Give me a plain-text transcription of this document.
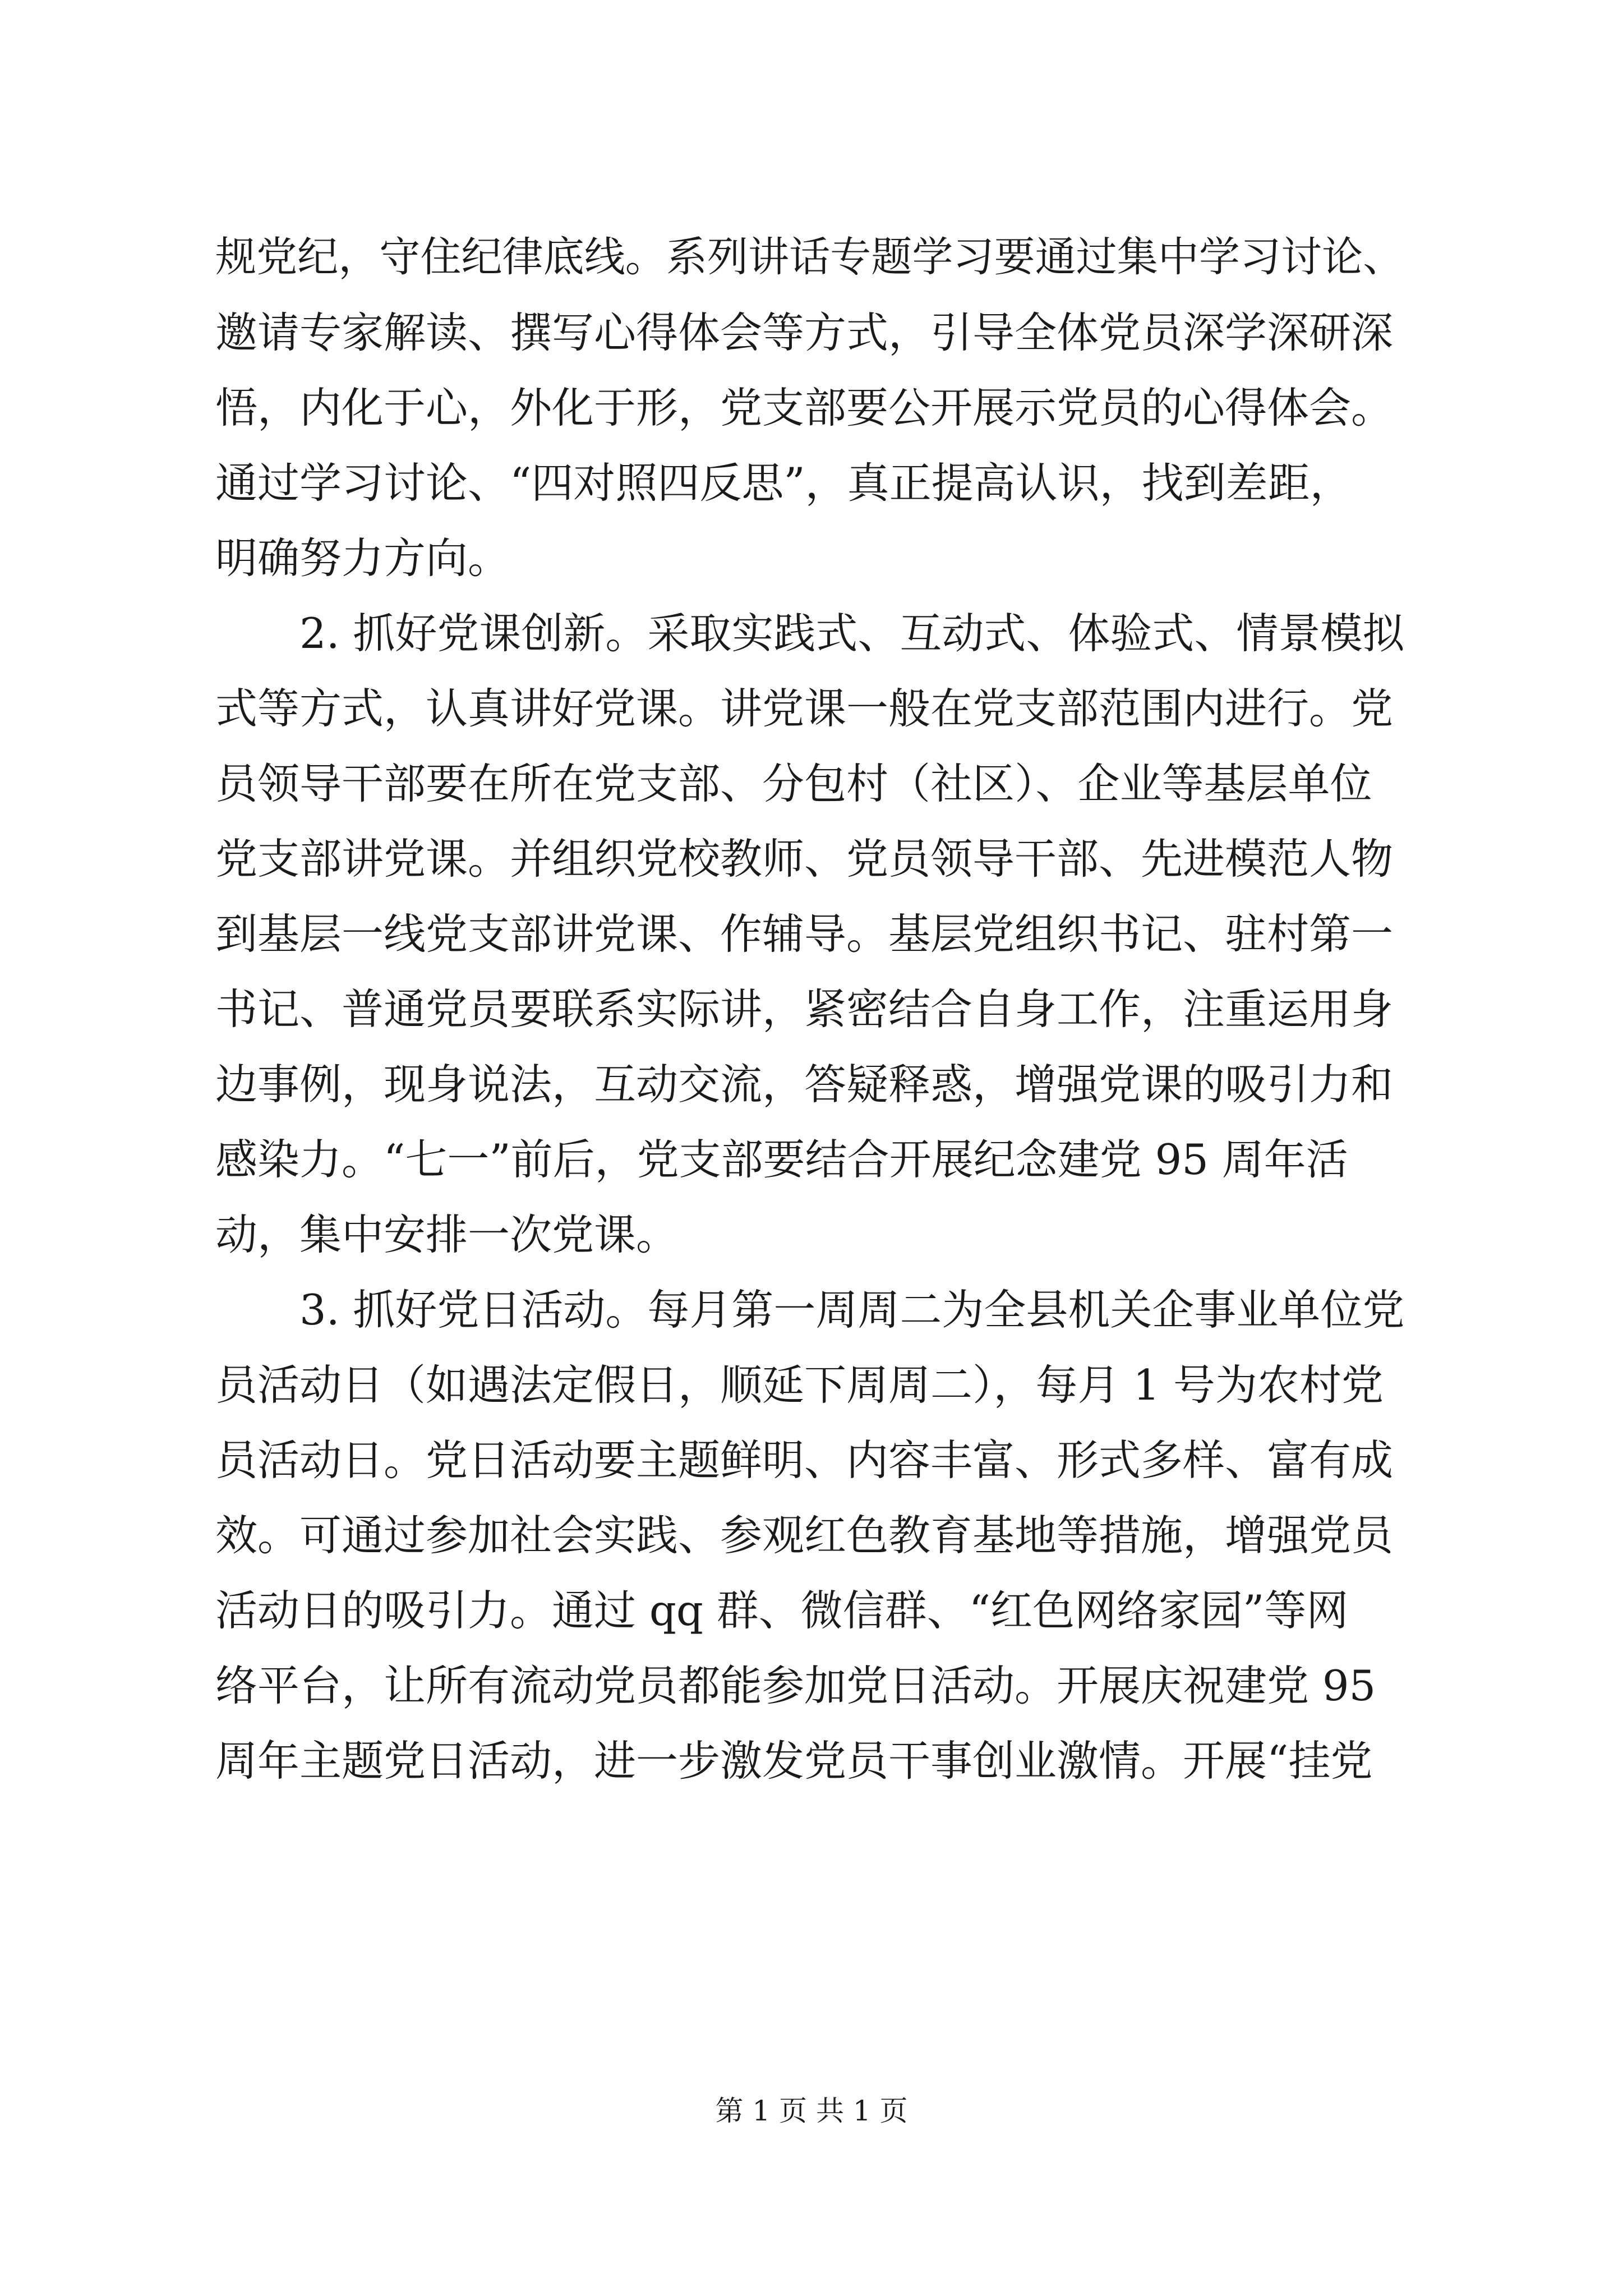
规党纪，守住纪律底线。系列讲话专题学习要通过集中学习讨论、
邀请专家解读、撰写心得体会等方式，引导全体党员深学深研深
悟，内化于心，外化于形，党支部要公开展示党员的心得体会。
通过学习讨论、“四对照四反思”，真正提高认识，找到差距，
明确努力方向。
　　2. 抓好党课创新。采取实践式、互动式、体验式、情景模拟
式等方式，认真讲好党课。讲党课一般在党支部范围内进行。党
员领导干部要在所在党支部、分包村（社区）、企业等基层单位
党支部讲党课。并组织党校教师、党员领导干部、先进模范人物
到基层一线党支部讲党课、作辅导。基层党组织书记、驻村第一
书记、普通党员要联系实际讲，紧密结合自身工作，注重运用身
边事例，现身说法，互动交流，答疑释惑，增强党课的吸引力和
感染力。“七一”前后，党支部要结合开展纪念建党 95 周年活
动，集中安排一次党课。
　　3. 抓好党日活动。每月第一周周二为全县机关企事业单位党
员活动日（如遇法定假日，顺延下周周二），每月 1 号为农村党
员活动日。党日活动要主题鲜明、内容丰富、形式多样、富有成
效。可通过参加社会实践、参观红色教育基地等措施，增强党员
活动日的吸引力。通过 qq 群、微信群、“红色网络家园”等网
络平台，让所有流动党员都能参加党日活动。开展庆祝建党 95
周年主题党日活动，进一步激发党员干事创业激情。开展“挂党
第 1 页 共 1 页
